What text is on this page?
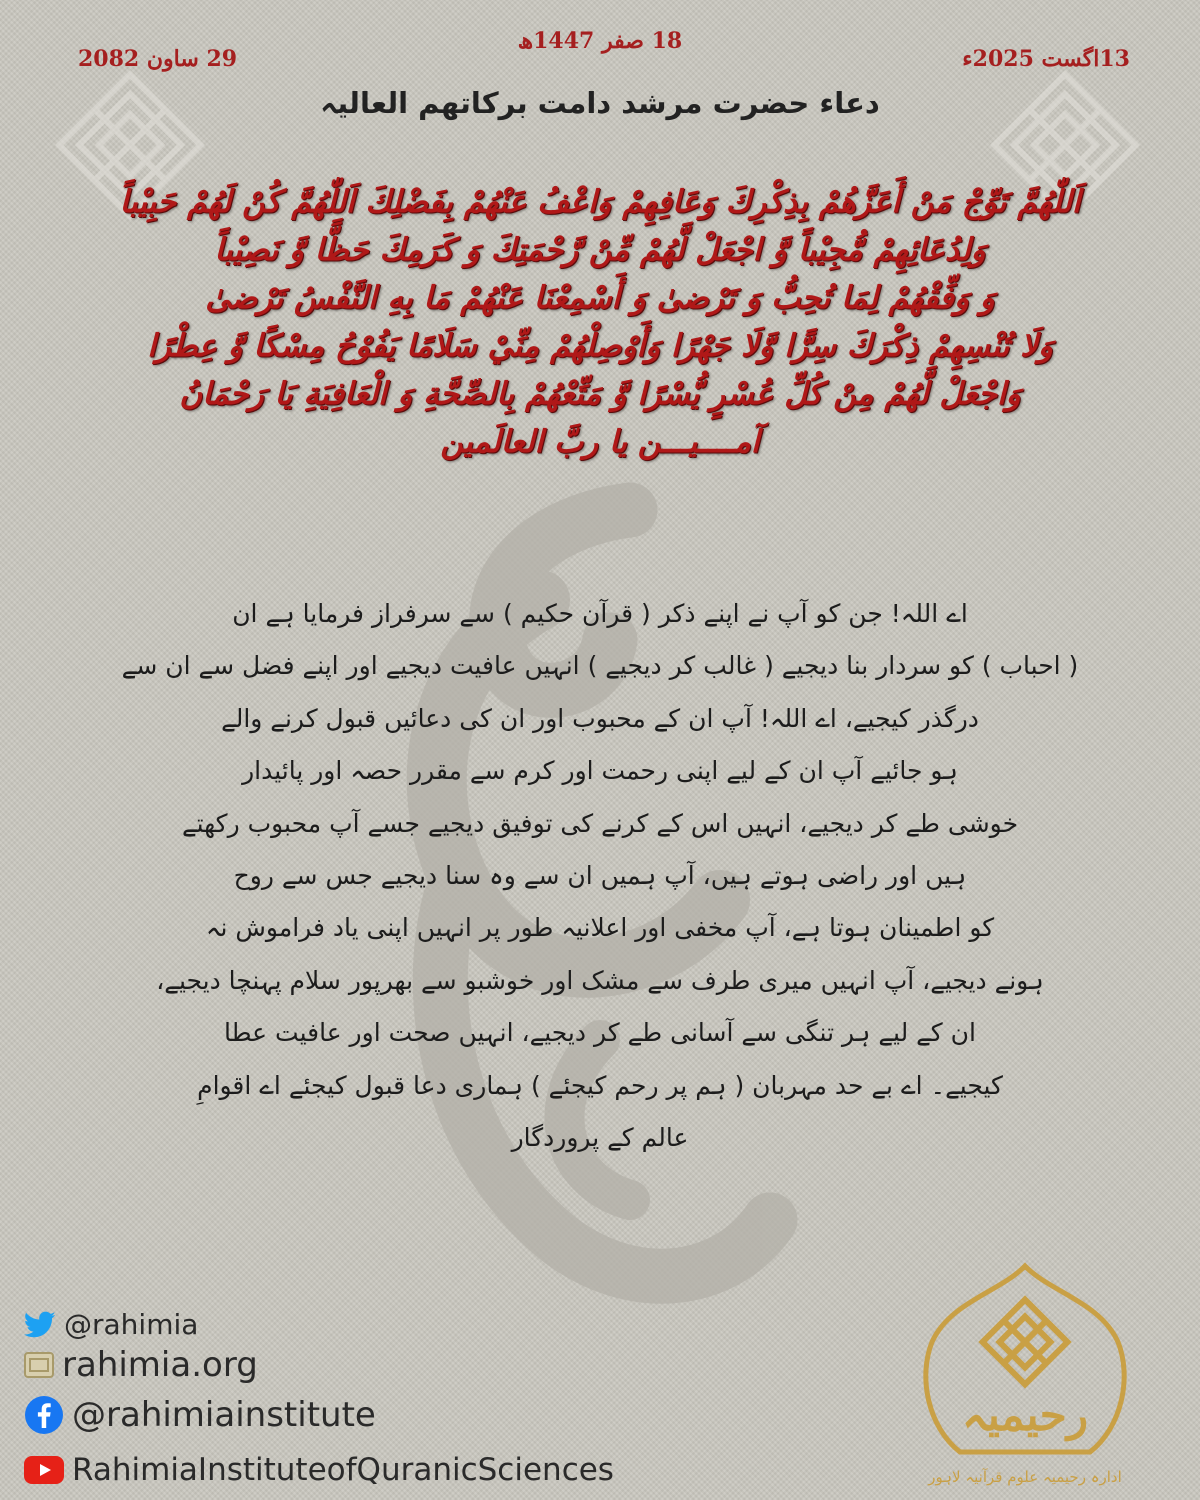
18 صفر 1447ھ
13اگست 2025ء
29 ساون 2082
دعاء حضرت مرشد دامت برکاتھم العالیہ
اَللّٰهُمَّ تَوِّجْ مَنْ أَعَزَّهُمْ بِذِكْرِكَ وَعَافِهِمْ وَاعْفُ عَنْهُمْ بِفَضْلِكَ اَللّٰهُمَّ كُنْ لَهُمْ حَبِيْباً
وَلِدُعَائِهِمْ مُّجِيْباً وَّ اجْعَلْ لَّهُمْ مِّنْ رَّحْمَتِكَ وَ كَرَمِكَ حَظًّا وَّ نَصِيْباً
وَ وَفِّقْهُمْ لِمَا تُحِبُّ وَ تَرْضىٰ وَ أَسْمِعْنَا عَنْهُمْ مَا بِهِ النَّفْسُ تَرْضىٰ
وَلَا تُنْسِهِمْ ذِكْرَكَ سِرًّا وَّلَا جَهْرًا وَأَوْصِلْهُمْ مِنِّيْ سَلَامًا يَفُوْحُ مِسْكًا وَّ عِطْرًا
وَاجْعَلْ لَّهُمْ مِنْ كُلِّ عُسْرٍ يُّسْرًا وَّ مَتِّعْهُمْ بِالصِّحَّةِ وَ الْعَافِيَةِ يَا رَحْمَانُ
آمــــيـــن يا ربَّ العالَمين
اے اللہ! جن کو آپ نے اپنے ذکر ( قرآن حکیم ) سے سرفراز فرمایا ہے ان
( احباب ) کو سردار بنا دیجیے ( غالب کر دیجیے ) انہیں عافیت دیجیے اور اپنے فضل سے ان سے
درگذر کیجیے، اے اللہ! آپ ان کے محبوب اور ان کی دعائیں قبول کرنے والے
ہو جائیے آپ ان کے لیے اپنی رحمت اور کرم سے مقرر حصہ اور پائیدار
خوشی طے کر دیجیے، انہیں اس کے کرنے کی توفیق دیجیے جسے آپ محبوب رکھتے
ہیں اور راضی ہوتے ہیں، آپ ہمیں ان سے وہ سنا دیجیے جس سے روح
کو اطمینان ہوتا ہے، آپ مخفی اور اعلانیہ طور پر انہیں اپنی یاد فراموش نہ
ہونے دیجیے، آپ انہیں میری طرف سے مشک اور خوشبو سے بھرپور سلام پہنچا دیجیے،
ان کے لیے ہر تنگی سے آسانی طے کر دیجیے، انہیں صحت اور عافیت عطا
کیجیے۔ اے بے حد مہربان ( ہم پر رحم کیجئے ) ہماری دعا قبول کیجئے اے اقوامِ
عالم کے پروردگار
@rahimia
rahimia.org
@rahimiainstitute
RahimiaInstituteofQuranicSciences
رحیمیہ
ادارہ رحیمیہ علوم قرآنیہ لاہور
